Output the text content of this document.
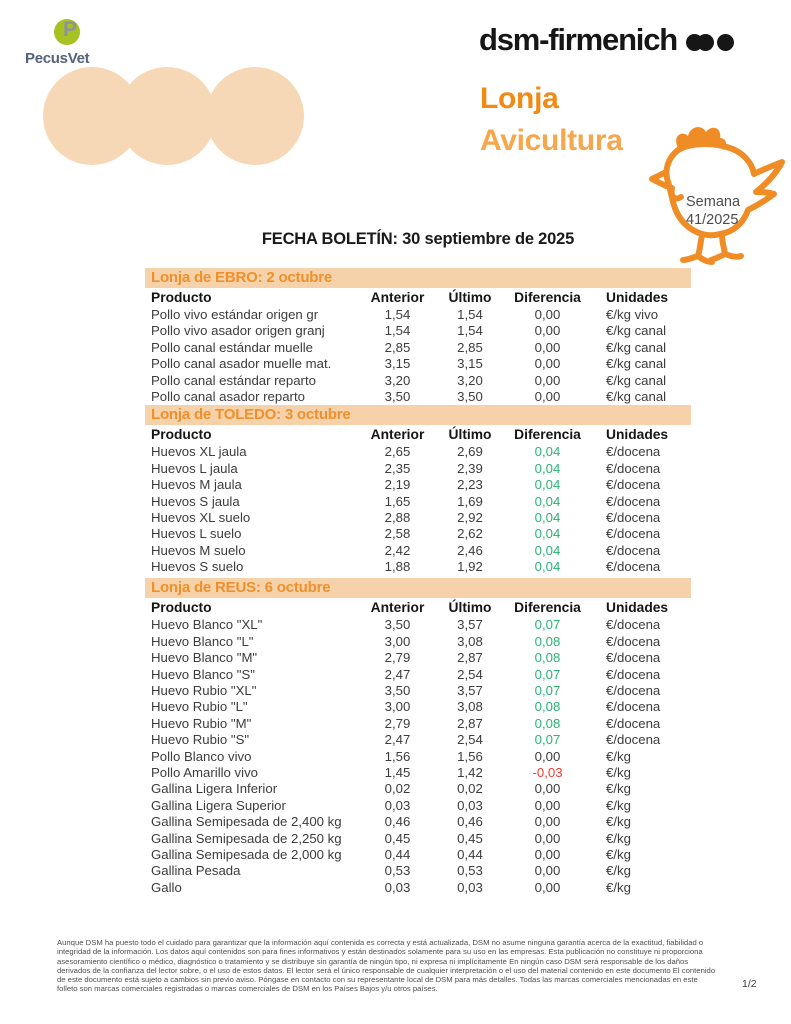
P
PecusVet
dsm-firmenich
Lonja
Avicultura
Semana
41/2025
FECHA BOLETÍN: 30 septiembre de 2025
Lonja de EBRO: 2 octubre
Producto	Anterior	Último	Diferencia	Unidades
Pollo vivo estándar origen gr	1,54	1,54	0,00	€/kg vivo
Pollo vivo asador origen granj	1,54	1,54	0,00	€/kg canal
Pollo canal estándar muelle	2,85	2,85	0,00	€/kg canal
Pollo canal asador muelle mat.	3,15	3,15	0,00	€/kg canal
Pollo canal estándar reparto	3,20	3,20	0,00	€/kg canal
Pollo canal asador reparto	3,50	3,50	0,00	€/kg canal
Lonja de TOLEDO: 3 octubre
Producto	Anterior	Último	Diferencia	Unidades
Huevos XL jaula	2,65	2,69	0,04	€/docena
Huevos L jaula	2,35	2,39	0,04	€/docena
Huevos M jaula	2,19	2,23	0,04	€/docena
Huevos S jaula	1,65	1,69	0,04	€/docena
Huevos XL suelo	2,88	2,92	0,04	€/docena
Huevos L suelo	2,58	2,62	0,04	€/docena
Huevos M suelo	2,42	2,46	0,04	€/docena
Huevos S suelo	1,88	1,92	0,04	€/docena
Lonja de REUS: 6 octubre
Producto	Anterior	Último	Diferencia	Unidades
Huevo Blanco "XL"	3,50	3,57	0,07	€/docena
Huevo Blanco "L"	3,00	3,08	0,08	€/docena
Huevo Blanco "M"	2,79	2,87	0,08	€/docena
Huevo Blanco "S"	2,47	2,54	0,07	€/docena
Huevo Rubio "XL"	3,50	3,57	0,07	€/docena
Huevo Rubio "L"	3,00	3,08	0,08	€/docena
Huevo Rubio "M"	2,79	2,87	0,08	€/docena
Huevo Rubio "S"	2,47	2,54	0,07	€/docena
Pollo Blanco vivo	1,56	1,56	0,00	€/kg
Pollo Amarillo vivo	1,45	1,42	-0,03	€/kg
Gallina Ligera Inferior	0,02	0,02	0,00	€/kg
Gallina Ligera Superior	0,03	0,03	0,00	€/kg
Gallina Semipesada de 2,400 kg	0,46	0,46	0,00	€/kg
Gallina Semipesada de 2,250 kg	0,45	0,45	0,00	€/kg
Gallina Semipesada de 2,000 kg	0,44	0,44	0,00	€/kg
Gallina Pesada	0,53	0,53	0,00	€/kg
Gallo	0,03	0,03	0,00	€/kg
Aunque DSM ha puesto todo el cuidado para garantizar que la información aquí contenida es correcta y está actualizada, DSM no asume ninguna garantía acerca de la exactitud, fiabilidad o integridad de la información. Los datos aquí contenidos son para fines informativos y están destinados solamente para su uso en las empresas. Esta publicación no constituye ni proporciona asesoramiento científico o médico, diagnóstico o tratamiento y se distribuye sin garantía de ningún tipo, ni expresa ni implícitamente En ningún caso DSM será responsable de los daños derivados de la confianza del lector sobre, o el uso de estos datos. El lector será el único responsable de cualquier interpretación o el uso del material contenido en este documento El contenido de este documento está sujeto a cambios sin previo aviso. Póngase en contacto con su representante local de DSM para más detalles. Todas las marcas comerciales mencionadas en este folleto son marcas comerciales registradas o marcas comerciales de DSM en los Países Bajos y/u otros países.	1/2
